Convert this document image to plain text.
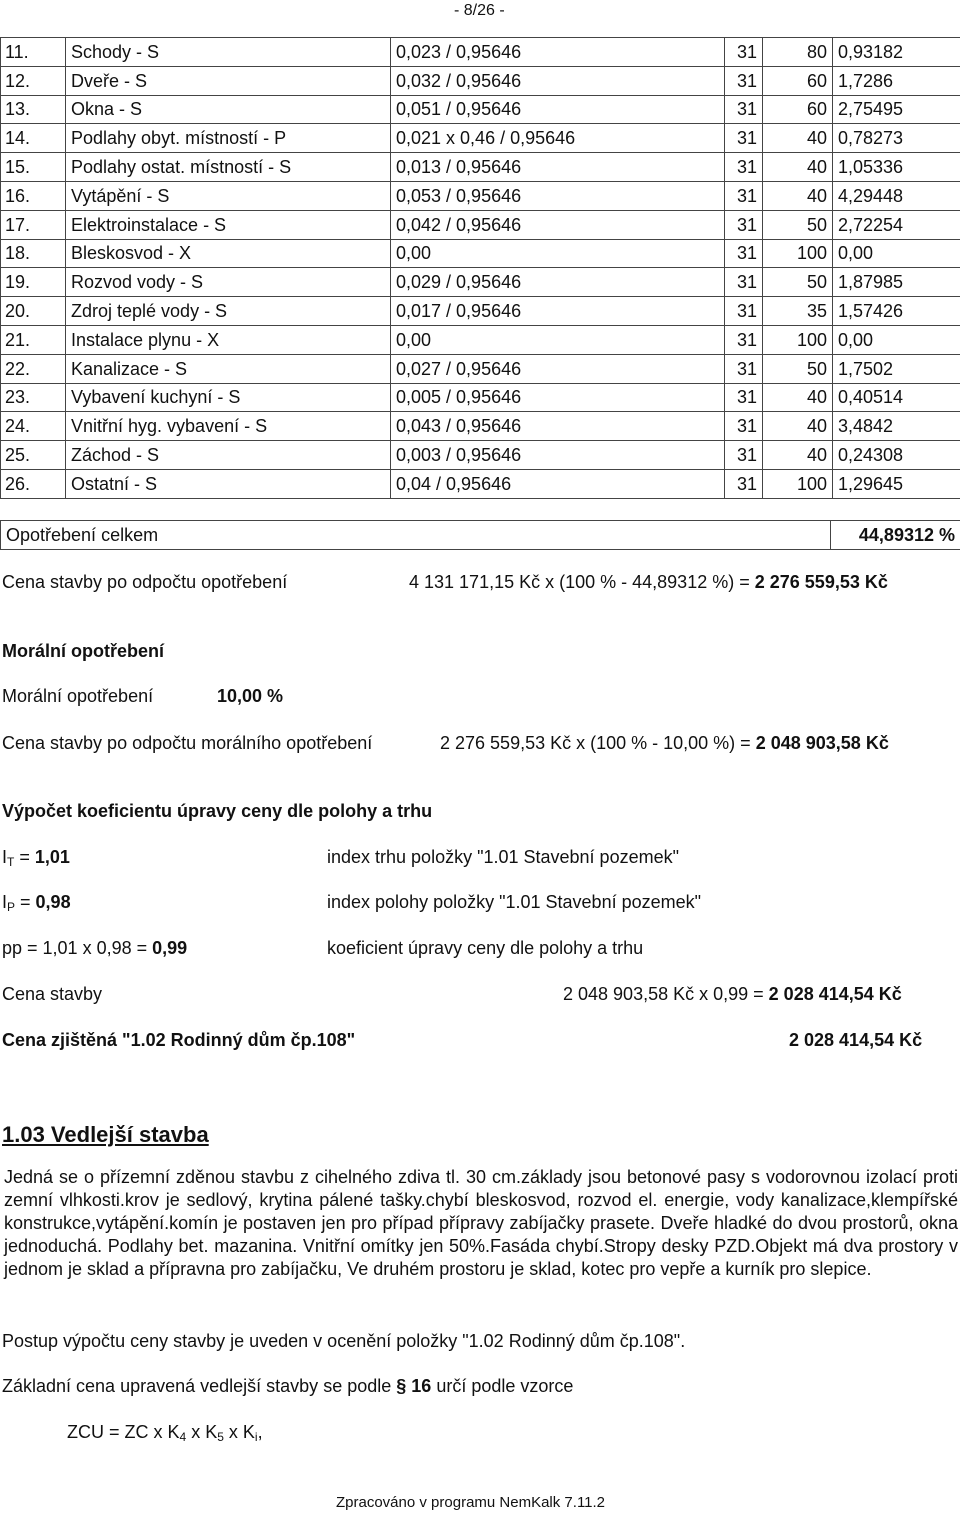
- 8/26 -
11.	Schody - S	0,023 / 0,95646	31	80	0,93182
12.	Dveře - S	0,032 / 0,95646	31	60	1,7286
13.	Okna - S	0,051 / 0,95646	31	60	2,75495
14.	Podlahy obyt. místností - P	0,021 x 0,46 / 0,95646	31	40	0,78273
15.	Podlahy ostat. místností - S	0,013 / 0,95646	31	40	1,05336
16.	Vytápění - S	0,053 / 0,95646	31	40	4,29448
17.	Elektroinstalace - S	0,042 / 0,95646	31	50	2,72254
18.	Bleskosvod - X	0,00	31	100	0,00
19.	Rozvod vody - S	0,029 / 0,95646	31	50	1,87985
20.	Zdroj teplé vody - S	0,017 / 0,95646	31	35	1,57426
21.	Instalace plynu - X	0,00	31	100	0,00
22.	Kanalizace - S	0,027 / 0,95646	31	50	1,7502
23.	Vybavení kuchyní - S	0,005 / 0,95646	31	40	0,40514
24.	Vnitřní hyg. vybavení - S	0,043 / 0,95646	31	40	3,4842
25.	Záchod - S	0,003 / 0,95646	31	40	0,24308
26.	Ostatní - S	0,04 / 0,95646	31	100	1,29645
Opotřebení celkem	44,89312 %
Cena stavby po odpočtu opotřebení	4 131 171,15 Kč x (100 % - 44,89312 %) = 2 276 559,53 Kč
Morální opotřebení
Morální opotřebení	10,00 %
Cena stavby po odpočtu morálního opotřebení	2 276 559,53 Kč x (100 % - 10,00 %) = 2 048 903,58 Kč
Výpočet koeficientu úpravy ceny dle polohy a trhu
$I_T = 1,01$	index trhu položky "1.01 Stavební pozemek"
$I_P = 0,98$	index polohy položky "1.01 Stavební pozemek"
pp = 1,01 x 0,98 = 0,99	koeficient úpravy ceny dle polohy a trhu
Cena stavby	2 048 903,58 Kč x 0,99 = 2 028 414,54 Kč
Cena zjištěná "1.02 Rodinný dům čp.108"	2 028 414,54 Kč
1.03 Vedlejší stavba
Jedná se o přízemní zděnou stavbu z cihelného zdiva tl. 30 cm.základy jsou betonové pasy s vodorovnou izolací proti zemní vlhkosti.krov je sedlový, krytina pálené tašky.chybí bleskosvod, rozvod el. energie, vody kanalizace,klempířské konstrukce,vytápění.komín je postaven jen pro případ přípravy zabíjačky prasete. Dveře hladké do dvou prostorů, okna jednoduchá. Podlahy bet. mazanina. Vnitřní omítky jen 50%.Fasáda chybí.Stropy desky PZD.Objekt má dva prostory v jednom je sklad a přípravna pro zabíjačku, Ve druhém prostoru je sklad, kotec pro vepře a kurník pro slepice.
Postup výpočtu ceny stavby je uveden v ocenění položky "1.02 Rodinný dům čp.108".
Základní cena upravená vedlejší stavby se podle § 16 určí podle vzorce
ZCU = ZC x $K_4$ x $K_5$ x $K_i$,
Zpracováno v programu NemKalk 7.11.2
